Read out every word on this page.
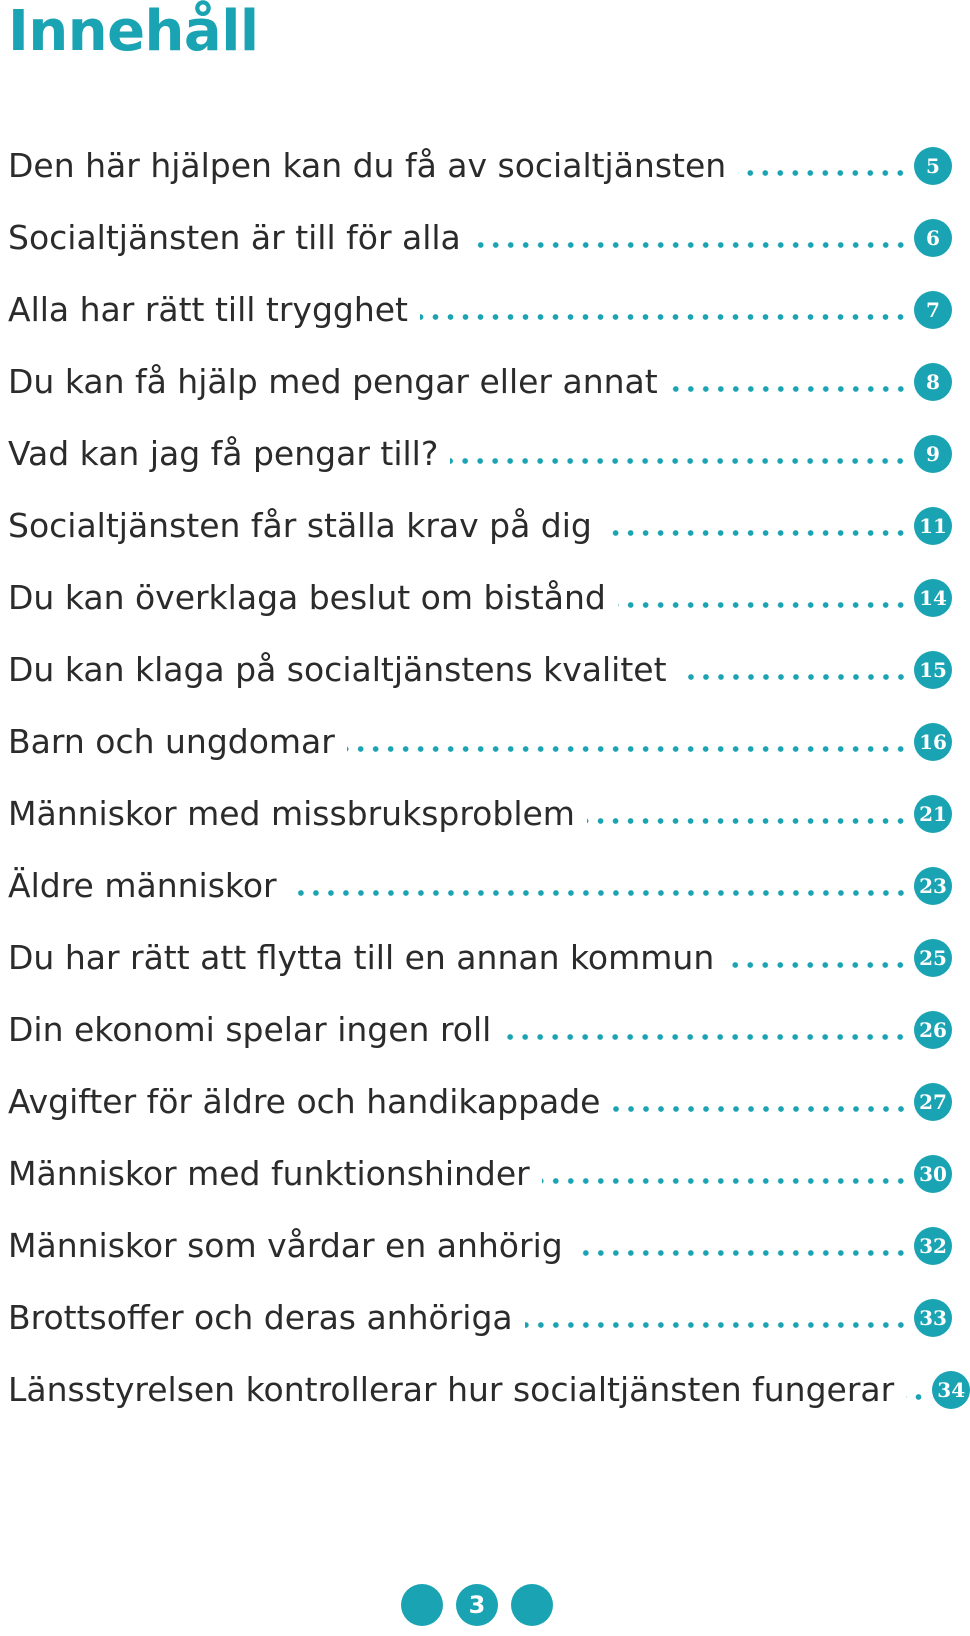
Innehåll
Den här hjälpen kan du få av socialtjänsten	5
Socialtjänsten är till för alla	6
Alla har rätt till trygghet	7
Du kan få hjälp med pengar eller annat	8
Vad kan jag få pengar till?	9
Socialtjänsten får ställa krav på dig	11
Du kan överklaga beslut om bistånd	14
Du kan klaga på socialtjänstens kvalitet	15
Barn och ungdomar	16
Människor med missbruksproblem	21
Äldre människor	23
Du har rätt att flytta till en annan kommun	25
Din ekonomi spelar ingen roll	26
Avgifter för äldre och handikappade	27
Människor med funktionshinder	30
Människor som vårdar en anhörig	32
Brottsoffer och deras anhöriga	33
Länsstyrelsen kontrollerar hur socialtjänsten fungerar	34
3
